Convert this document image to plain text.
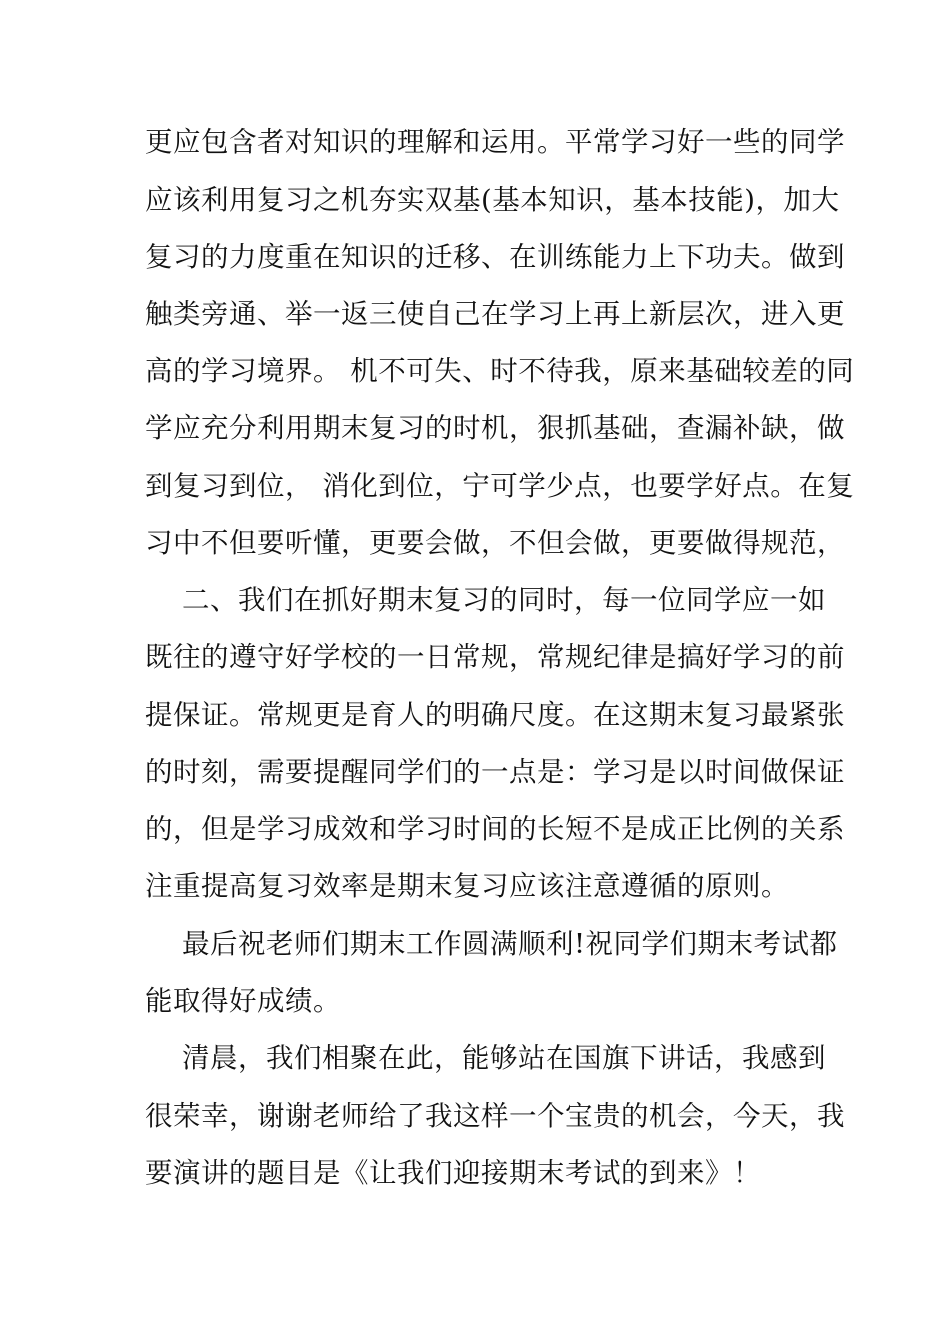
更应包含者对知识的理解和运用。平常学习好一些的同学
应该利用复习之机夯实双基(基本知识，基本技能)，加大
复习的力度重在知识的迁移、在训练能力上下功夫。做到
触类旁通、举一返三使自己在学习上再上新层次，进入更
高的学习境界。 机不可失、时不待我，原来基础较差的同
学应充分利用期末复习的时机，狠抓基础，查漏补缺，做
到复习到位， 消化到位，宁可学少点，也要学好点。在复
习中不但要听懂，更要会做，不但会做，更要做得规范，
二、我们在抓好期末复习的同时，每一位同学应一如
既往的遵守好学校的一日常规，常规纪律是搞好学习的前
提保证。常规更是育人的明确尺度。在这期末复习最紧张
的时刻，需要提醒同学们的一点是：学习是以时间做保证
的，但是学习成效和学习时间的长短不是成正比例的关系
注重提高复习效率是期末复习应该注意遵循的原则。
最后祝老师们期末工作圆满顺利!祝同学们期末考试都
能取得好成绩。
清晨，我们相聚在此，能够站在国旗下讲话，我感到
很荣幸，谢谢老师给了我这样一个宝贵的机会，今天，我
要演讲的题目是《让我们迎接期末考试的到来》！
